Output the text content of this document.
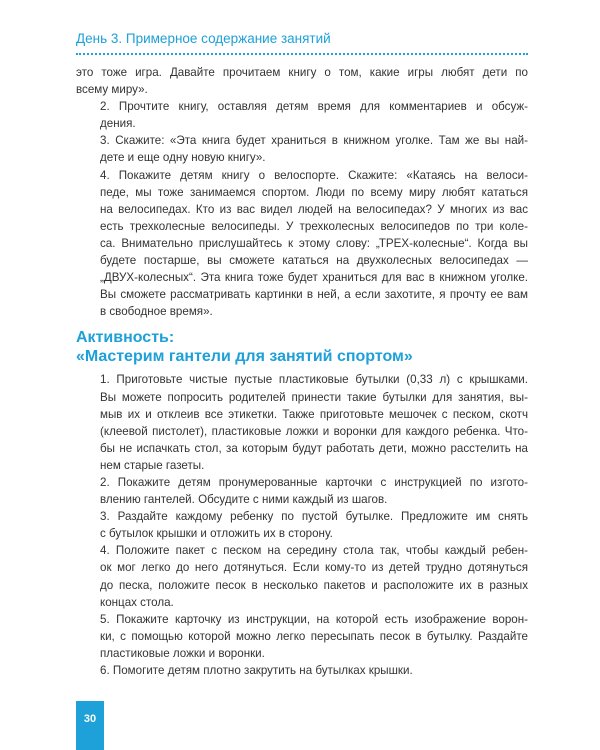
День 3. Примерное содержание занятий

это тоже игра. Давайте прочитаем книгу о том, какие игры любят дети по
всему миру».

2. Прочтите книгу, оставляя детям время для комментариев и обсуж-
дения.

3. Скажите: «Эта книга будет храниться в книжном уголке. Там же вы най-
дете и еще одну новую книгу».

4. Покажите детям книгу о велоспорте. Скажите: «Катаясь на велоси-
педе, мы тоже занимаемся спортом. Люди по всему миру любят кататься
на велосипедах. Кто из вас видел людей на велосипедах? У многих из вас
есть трехколесные велосипеды. У трехколесных велосипедов по три коле-
са. Внимательно прислушайтесь к этому слову: „ТРЕХ-колесные“. Когда вы
будете постарше, вы сможете кататься на двухколесных велосипедах —
„ДВУХ-колесных“. Эта книга тоже будет храниться для вас в книжном уголке.
Вы сможете рассматривать картинки в ней, а если захотите, я прочту ее вам
в свободное время».

Активность:
«Мастерим гантели для занятий спортом»

1. Приготовьте чистые пустые пластиковые бутылки (0,33 л) с крышками.
Вы можете попросить родителей принести такие бутылки для занятия, вы-
мыв их и отклеив все этикетки. Также приготовьте мешочек с песком, скотч
(клеевой пистолет), пластиковые ложки и воронки для каждого ребенка. Что-
бы не испачкать стол, за которым будут работать дети, можно расстелить на
нем старые газеты.

2. Покажите детям пронумерованные карточки с инструкцией по изгото-
влению гантелей. Обсудите с ними каждый из шагов.

3. Раздайте каждому ребенку по пустой бутылке. Предложите им снять
с бутылок крышки и отложить их в сторону.

4. Положите пакет с песком на середину стола так, чтобы каждый ребен-
ок мог легко до него дотянуться. Если кому-то из детей трудно дотянуться
до песка, положите песок в несколько пакетов и расположите их в разных
концах стола.

5. Покажите карточку из инструкции, на которой есть изображение ворон-
ки, с помощью которой можно легко пересыпать песок в бутылку. Раздайте
пластиковые ложки и воронки.

6. Помогите детям плотно закрутить на бутылках крышки.

30
